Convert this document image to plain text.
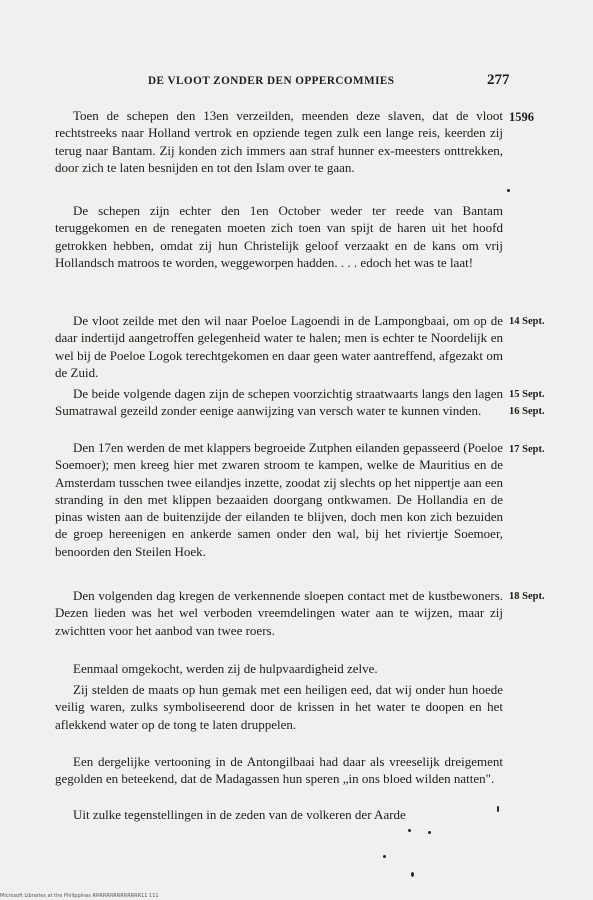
DE VLOOT ZONDER DEN OPPERCOMMIES	277

Toen de schepen den 13en verzeilden, meenden deze slaven, dat de vloot rechtstreeks naar Holland vertrok en opziende tegen zulk een lange reis, keerden zij terug naar Bantam. Zij konden zich immers aan straf hunner ex-meesters onttrekken, door zich te laten besnijden en tot den Islam over te gaan.

De schepen zijn echter den 1en October weder ter reede van Bantam teruggekomen en de renegaten moeten zich toen van spijt de haren uit het hoofd getrokken hebben, omdat zij hun Christelijk geloof verzaakt en de kans om vrij Hollandsch matroos te worden, weggeworpen hadden. . . . edoch het was te laat!

De vloot zeilde met den wil naar Poeloe Lagoendi in de Lampongbaai, om op de daar indertijd aangetroffen gelegenheid water te halen; men is echter te Noordelijk en wel bij de Poeloe Logok terechtgekomen en daar geen water aantreffend, afgezakt om de Zuid.

De beide volgende dagen zijn de schepen voorzichtig straatwaarts langs den lagen Sumatrawal gezeild zonder eenige aanwijzing van versch water te kunnen vinden.

Den 17en werden de met klappers begroeide Zutphen eilanden gepasseerd (Poeloe Soemoer); men kreeg hier met zwaren stroom te kampen, welke de Mauritius en de Amsterdam tusschen twee eilandjes inzette, zoodat zij slechts op het nippertje aan een stranding in den met klippen bezaaiden doorgang ontkwamen. De Hollandia en de pinas wisten aan de buitenzijde der eilanden te blijven, doch men kon zich bezuiden de groep hereenigen en ankerde samen onder den wal, bij het riviertje Soemoer, benoorden den Steilen Hoek.

Den volgenden dag kregen de verkennende sloepen contact met de kustbewoners. Dezen lieden was het wel verboden vreemdelingen water aan te wijzen, maar zij zwichtten voor het aanbod van twee roers.

Eenmaal omgekocht, werden zij de hulpvaardigheid zelve.

Zij stelden de maats op hun gemak met een heiligen eed, dat wij onder hun hoede veilig waren, zulks symboliseerend door de krissen in het water te doopen en het aflekkend water op de tong te laten druppelen.

Een dergelijke vertooning in de Antongilbaai had daar als vreeselijk dreigement gegolden en beteekend, dat de Madagassen hun speren „in ons bloed wilden natten".

Uit zulke tegenstellingen in de zeden van de volkeren der Aarde

1596
14 Sept.
15 Sept.
16 Sept.
17 Sept.
18 Sept.
Microsoft Libraries at the Philippines RRRRRRRRRRRRRR11 111
